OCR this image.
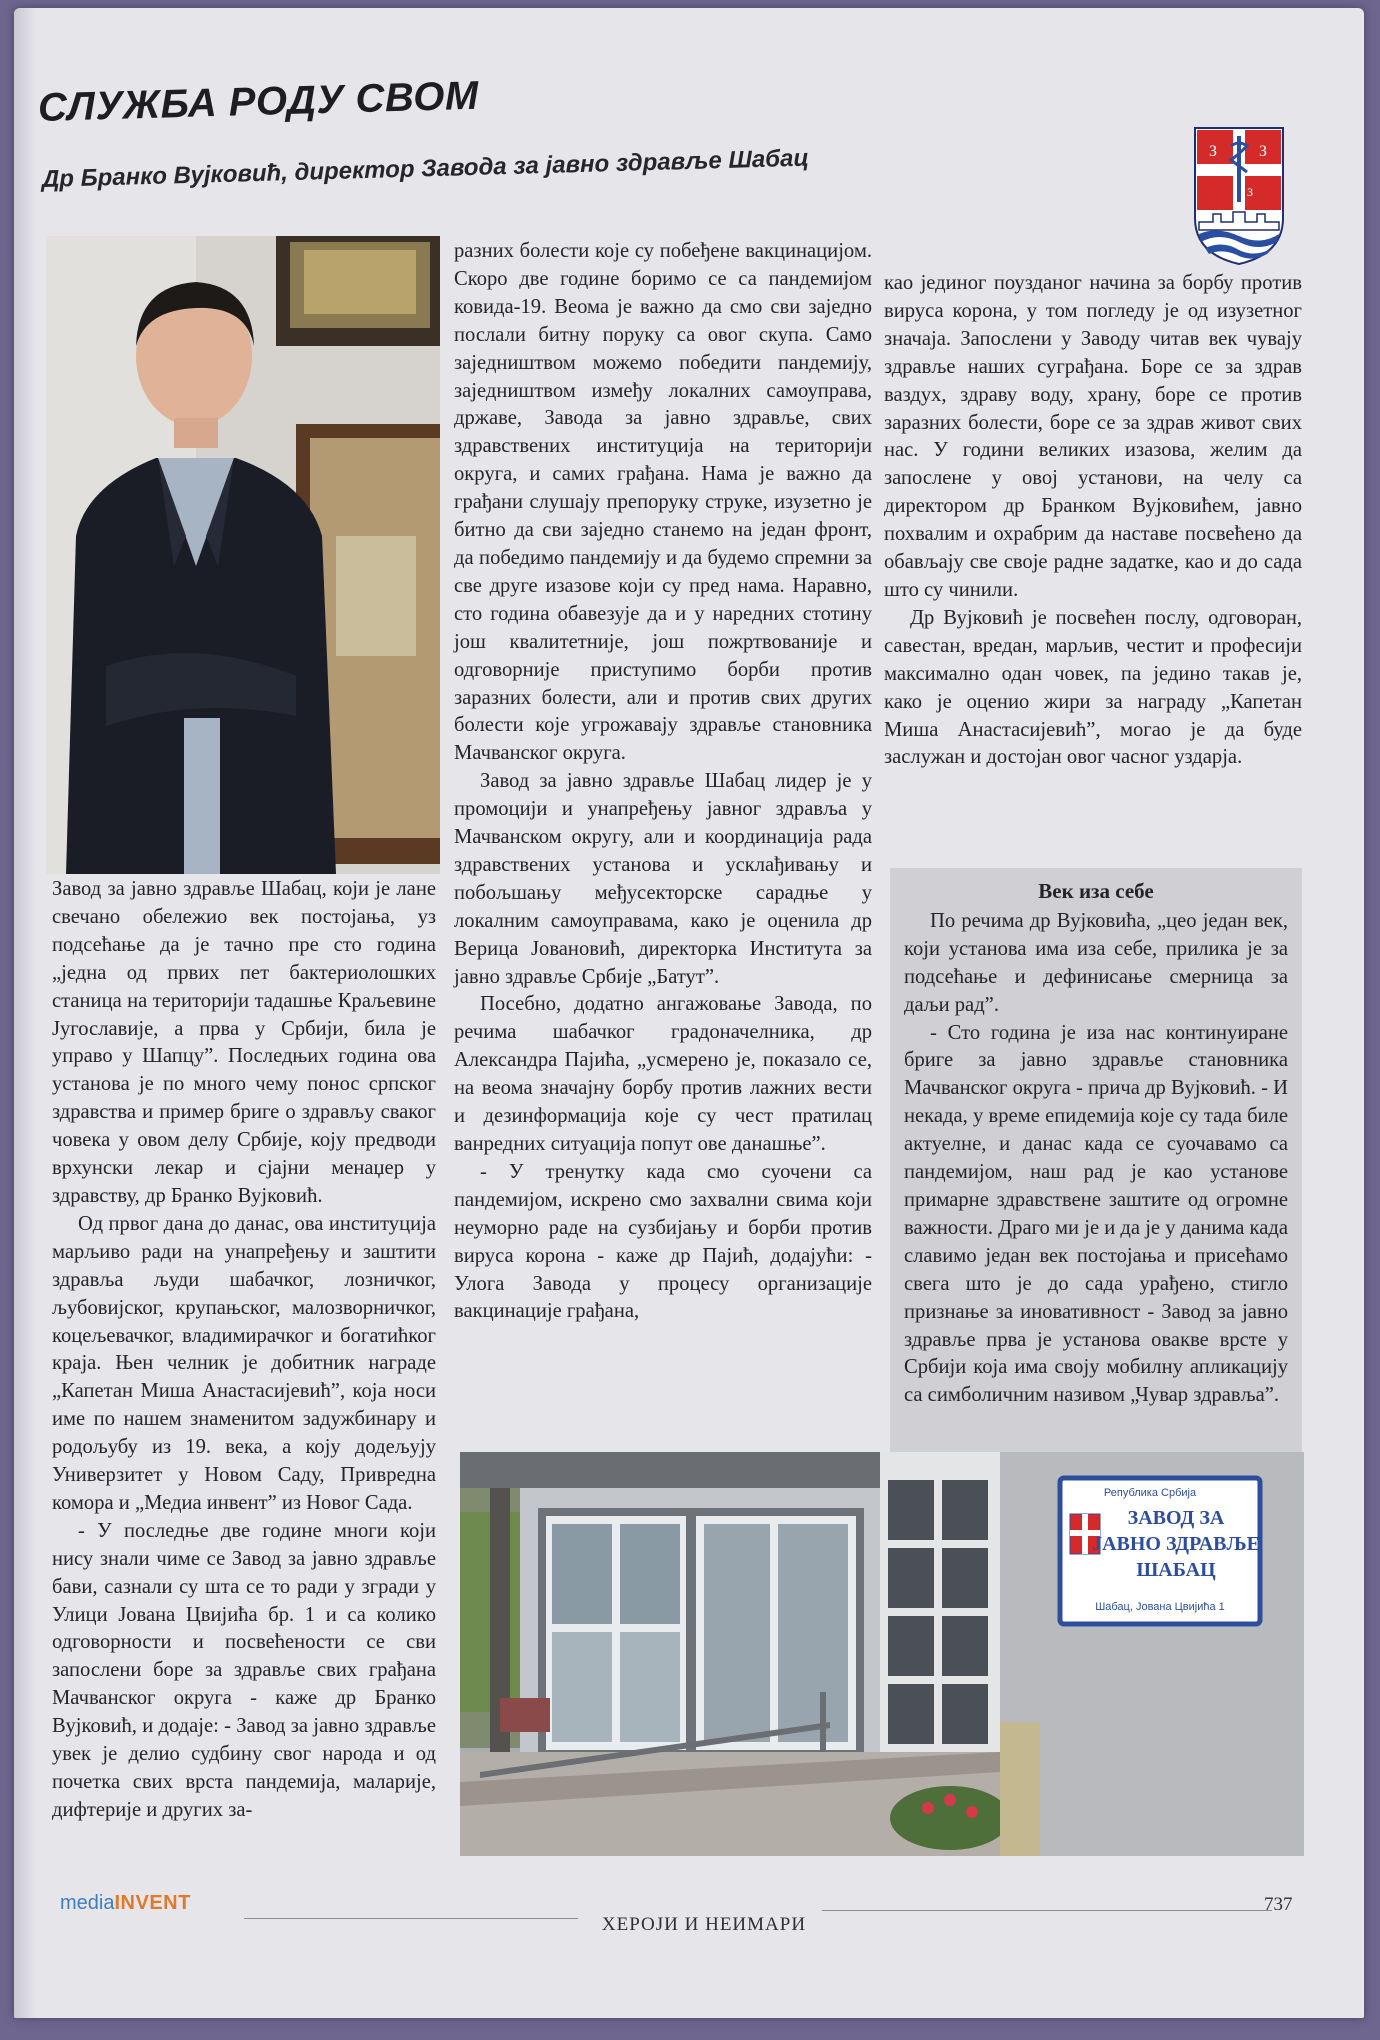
СЛУЖБА РОДУ СВОМ
Др Бранко Вујковић, директор Завода за јавно здравље Шабац	З	З
З

Завод за јавно здравље Шабац, који је лане свечано обележио век постојања, уз подсећање да је тачно пре сто година „једна од првих пет бактериолошких станица на територији тадашње Краљевине Југославије, а прва у Србији, била је управо у Шапцу”. Последњих година ова установа је по много чему понос српског здравства и пример бриге о здрављу сваког човека у овом делу Србије, коју предводи врхунски лекар и сјајни менаџер у здравству, др Бранко Вујковић.

Од првог дана до данас, ова институција марљиво ради на унапређењу и заштити здравља људи шабачког, лозничког, љубовијског, крупањског, малозворничког, коцељевачког, владимирачког и богатићког краја. Њен челник је добитник награде „Капетан Миша Анастасијевић”, која носи име по нашем знаменитом задужбинару и родољубу из 19. века, а коју додељују Универзитет у Новом Саду, Привредна комора и „Медиа инвент” из Новог Сада.

- У последње две године многи који нису знали чиме се Завод за јавно здравље бави, сазнали су шта се то ради у згради у Улици Јована Цвијића бр. 1 и са колико одговорности и посвећености се сви запослени боре за здравље свих грађана Мачванског округа - каже др Бранко Вујковић, и додаје: - Завод за јавно здравље увек је делио судбину свог народа и од почетка свих врста пандемија, маларије, дифтерије и других за-

разних болести које су побеђене вакцинацијом. Скоро две године боримо се са пандемијом ковида-19. Веома је важно да смо сви заједно послали битну поруку са овог скупа. Само заједништвом можемо победити пандемију, заједништвом између локалних самоуправа, државе, Завода за јавно здравље, свих здравствених институција на територији округа, и самих грађана. Нама је важно да грађани слушају препоруку струке, изузетно је битно да сви заједно станемо на један фронт, да победимо пандемију и да будемо спремни за све друге изазове који су пред нама. Наравно, сто година обавезује да и у наредних стотину још квалитетније, још пожртвованије и одговорније приступимо борби против заразних болести, али и против свих других болести које угрожавају здравље становника Мачванског округа.

Завод за јавно здравље Шабац лидер је у промоцији и унапређењу јавног здравља у Мачванском округу, али и координација рада здравствених установа и усклађивању и побољшању међусекторске сарадње у локалним самоуправама, како је оценила др Верица Јовановић, директорка Института за јавно здравље Србије „Батут”.

Посебно, додатно ангажовање Завода, по речима шабачког градоначелника, др Александра Пајића, „усмерено је, показало се, на веома значајну борбу против лажних вести и дезинформација које су чест пратилац ванредних ситуација попут ове данашње”.

- У тренутку када смо суочени са пандемијом, искрено смо захвални свима који неуморно раде на сузбијању и борби против вируса корона - каже др Пајић, додајући: - Улога Завода у процесу организације вакцинације грађана,

као јединог поузданог начина за борбу против вируса корона, у том погледу је од изузетног значаја. Запослени у Заводу читав век чувају здравље наших суграђана. Боре се за здрав ваздух, здраву воду, храну, боре се против заразних болести, боре се за здрав живот свих нас. У години великих изазова, желим да запослене у овој установи, на челу са директором др Бранком Вујковићем, јавно похвалим и охрабрим да наставе посвећено да обављају све своје радне задатке, као и до сада што су чинили.

Др Вујковић је посвећен послу, одговоран, савестан, вредан, марљив, честит и професији максимално одан човек, па једино такав је, како је оценио жири за награду „Капетан Миша Анастасијевић”, могао је да буде заслужан и достојан овог часног уздарја.

Век иза себе

По речима др Вујковића, „цео један век, који установа има иза себе, прилика је за подсећање и дефинисање смерница за даљи рад”.

- Сто година је иза нас континуиране бриге за јавно здравље становника Мачванског округа - прича др Вујковић. - И некада, у време епидемија које су тада биле актуелне, и данас када се суочавамо са пандемијом, наш рад је као установе примарне здравствене заштите од огромне важности. Драго ми је и да је у данима када славимо један век постојања и присећамо свега што је до сада урађено, стигло признање за иновативност - Завод за јавно здравље прва је установа овакве врсте у Србији која има своју мобилну апликацију са симболичним називом „Чувар здравља”.

Република Србија
ЗАВОД ЗА
ЈАВНО ЗДРАВЉЕ
ШАБАЦ
Шабац, Јована Цвијића 1
mediaINVENT
ХЕРОЈИ И НЕИМАРИ
737
